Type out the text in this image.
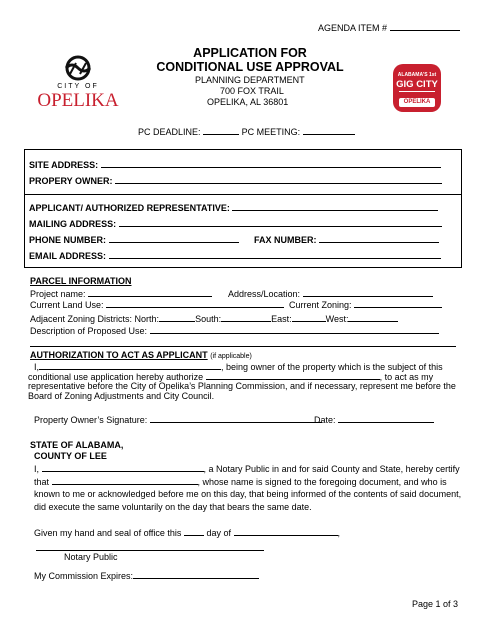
AGENDA ITEM #
CITY OF
OPELIKA
APPLICATION FOR
CONDITIONAL USE APPROVAL
PLANNING DEPARTMENT
700 FOX TRAIL
OPELIKA, AL 36801
ALABAMA'S 1st
GIG CITY
OPELIKA
PC DEADLINE:	PC MEETING:
SITE ADDRESS:
PROPERY OWNER:
APPLICANT/ AUTHORIZED REPRESENTATIVE:
MAILING ADDRESS:
PHONE NUMBER:	FAX NUMBER:
EMAIL ADDRESS:
PARCEL INFORMATION
Project name:	Address/Location:
Current Land Use:	Current Zoning:
Adjacent Zoning Districts: North:	South:	East:	West:
Description of Proposed Use:
AUTHORIZATION TO ACT AS APPLICANT (if applicable)
I,	, being owner of the property which is the subject of this
conditional use application hereby authorize	, to act as my
representative before the City of Opelika’s Planning Commission, and if necessary, represent me before the
Board of Zoning Adjustments and City Council.
Property Owner’s Signature:	Date:
STATE OF ALABAMA,
COUNTY OF LEE
I,	, a Notary Public in and for said County and State, hereby certify
that	, whose name is signed to the foregoing document, and who is
known to me or acknowledged before me on this day, that being informed of the contents of said document,
did execute the same voluntarily on the day that bears the same date.
Given my hand and seal of office this	day of	,
Notary Public
My Commission Expires:
Page 1 of 3
